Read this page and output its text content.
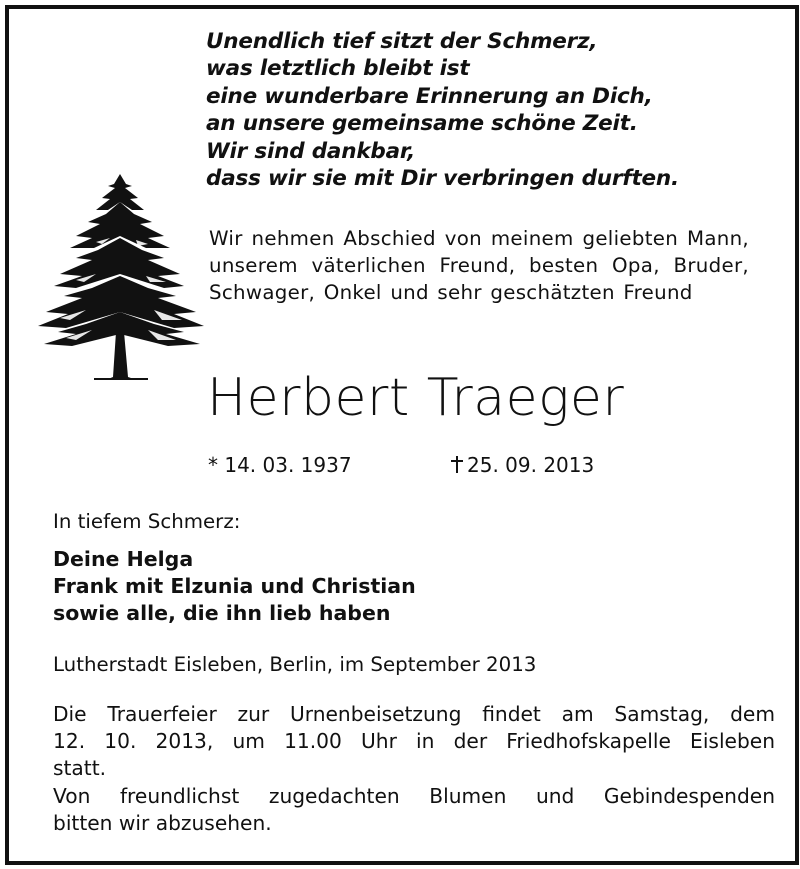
Unendlich tief sitzt der Schmerz,
was letztlich bleibt ist
eine wunderbare Erinnerung an Dich,
an unsere gemeinsame schöne Zeit.
Wir sind dankbar,
dass wir sie mit Dir verbringen durften.
Wir nehmen Abschied von meinem geliebten Mann, unserem väterlichen Freund, besten Opa, Bruder, Schwager, Onkel und sehr geschätzten Freund
Herbert Traeger
* 14. 03. 1937	25. 09. 2013
In tiefem Schmerz:
Deine Helga
Frank mit Elzunia und Christian
sowie alle, die ihn lieb haben
Lutherstadt Eisleben, Berlin, im September 2013
Die Trauerfeier zur Urnenbeisetzung findet am Samstag, dem
12. 10. 2013, um 11.00 Uhr in der Friedhofskapelle Eisleben
statt.
Von freundlichst zugedachten Blumen und Gebindespenden
bitten wir abzusehen.
